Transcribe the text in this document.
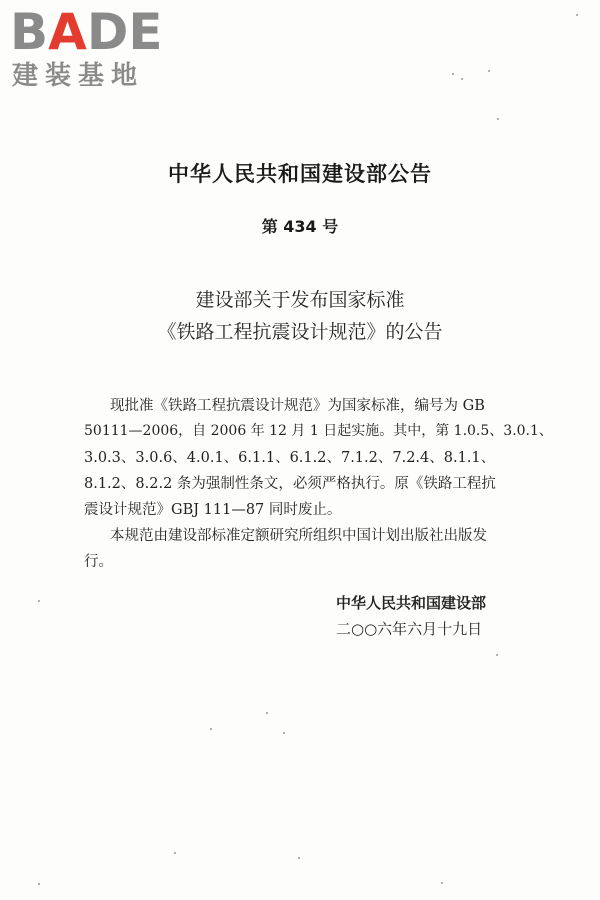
BADE
建装基地
中华人民共和国建设部公告
第 434 号
建设部关于发布国家标准
《铁路工程抗震设计规范》的公告
现批准《铁路工程抗震设计规范》为国家标准，编号为 GB
50111—2006，自 2006 年 12 月 1 日起实施。其中，第 1.0.5、3.0.1、
3.0.3、3.0.6、4.0.1、6.1.1、6.1.2、7.1.2、7.2.4、8.1.1、
8.1.2、8.2.2 条为强制性条文，必须严格执行。原《铁路工程抗
震设计规范》GBJ 111—87 同时废止。
本规范由建设部标准定额研究所组织中国计划出版社出版发
行。
中华人民共和国建设部
二○○六年六月十九日
